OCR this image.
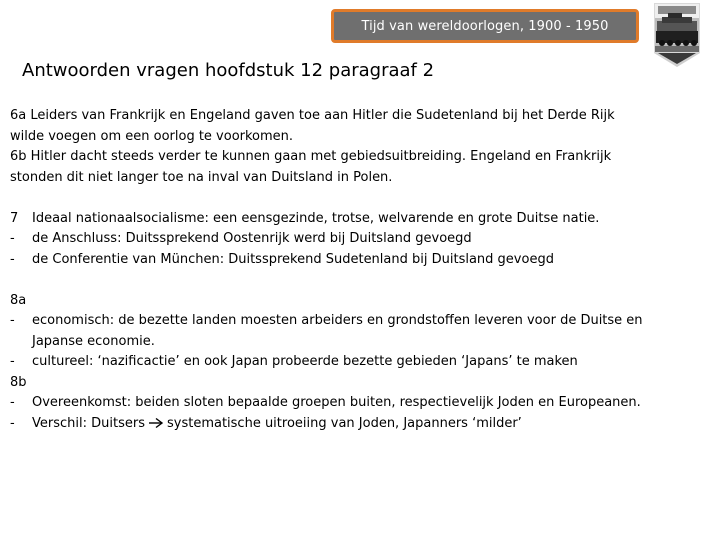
Tijd van wereldoorlogen, 1900 - 1950
Antwoorden vragen hoofdstuk 12 paragraaf 2
6a Leiders van Frankrijk en Engeland gaven toe aan Hitler die Sudetenland bij het Derde Rijk
wilde voegen om een oorlog te voorkomen.
6b Hitler dacht steeds verder te kunnen gaan met gebiedsuitbreiding. Engeland en Frankrijk
stonden dit niet langer toe na inval van Duitsland in Polen.
7	Ideaal nationaalsocialisme: een eensgezinde, trotse, welvarende en grote Duitse natie.
-	de Anschluss: Duitssprekend Oostenrijk werd bij Duitsland gevoegd
-	de Conferentie van München: Duitssprekend Sudetenland bij Duitsland gevoegd
8a
-	economisch: de bezette landen moesten arbeiders en grondstoffen leveren voor de Duitse en
Japanse economie.
-	cultureel: ‘nazificactie’ en ook Japan probeerde bezette gebieden ‘Japans’ te maken
8b
-	Overeenkomst: beiden sloten bepaalde groepen buiten, respectievelijk Joden en Europeanen.
-	Verschil: Duitsers systematische uitroeiing van Joden, Japanners ‘milder’
